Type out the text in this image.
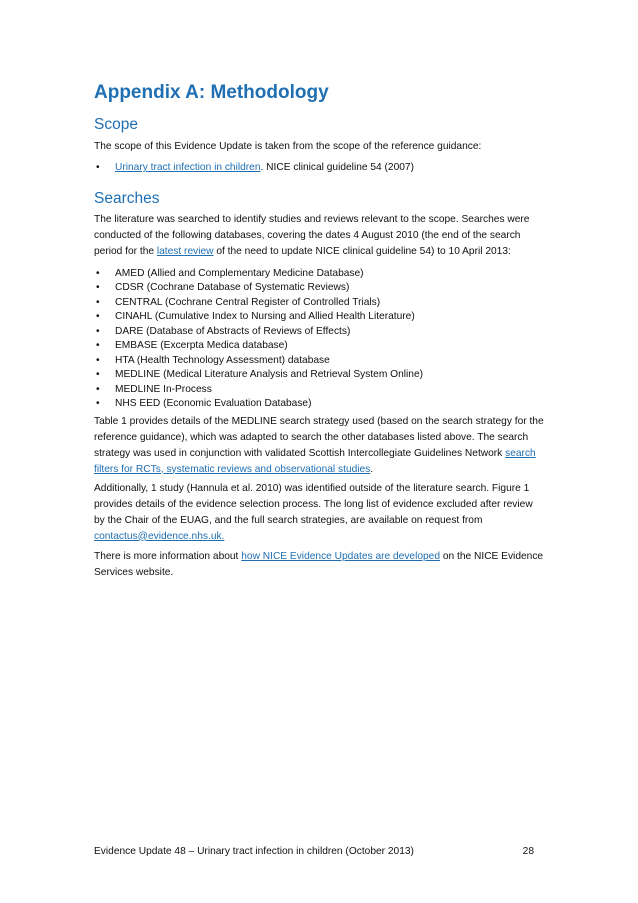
Appendix A: Methodology
Scope

The scope of this Evidence Update is taken from the scope of the reference guidance:

• Urinary tract infection in children. NICE clinical guideline 54 (2007)
Searches

The literature was searched to identify studies and reviews relevant to the scope. Searches were conducted of the following databases, covering the dates 4 August 2010 (the end of the search period for the latest review of the need to update NICE clinical guideline 54) to 10 April 2013:

• AMED (Allied and Complementary Medicine Database)
• CDSR (Cochrane Database of Systematic Reviews)
• CENTRAL (Cochrane Central Register of Controlled Trials)
• CINAHL (Cumulative Index to Nursing and Allied Health Literature)
• DARE (Database of Abstracts of Reviews of Effects)
• EMBASE (Excerpta Medica database)
• HTA (Health Technology Assessment) database
• MEDLINE (Medical Literature Analysis and Retrieval System Online)
• MEDLINE In-Process
• NHS EED (Economic Evaluation Database)

Table 1 provides details of the MEDLINE search strategy used (based on the search strategy for the reference guidance), which was adapted to search the other databases listed above. The search strategy was used in conjunction with validated Scottish Intercollegiate Guidelines Network search filters for RCTs, systematic reviews and observational studies.

Additionally, 1 study (Hannula et al. 2010) was identified outside of the literature search. Figure 1 provides details of the evidence selection process. The long list of evidence excluded after review by the Chair of the EUAG, and the full search strategies, are available on request from contactus@evidence.nhs.uk.

There is more information about how NICE Evidence Updates are developed on the NICE Evidence Services website.

Evidence Update 48 – Urinary tract infection in children (October 2013)	28
